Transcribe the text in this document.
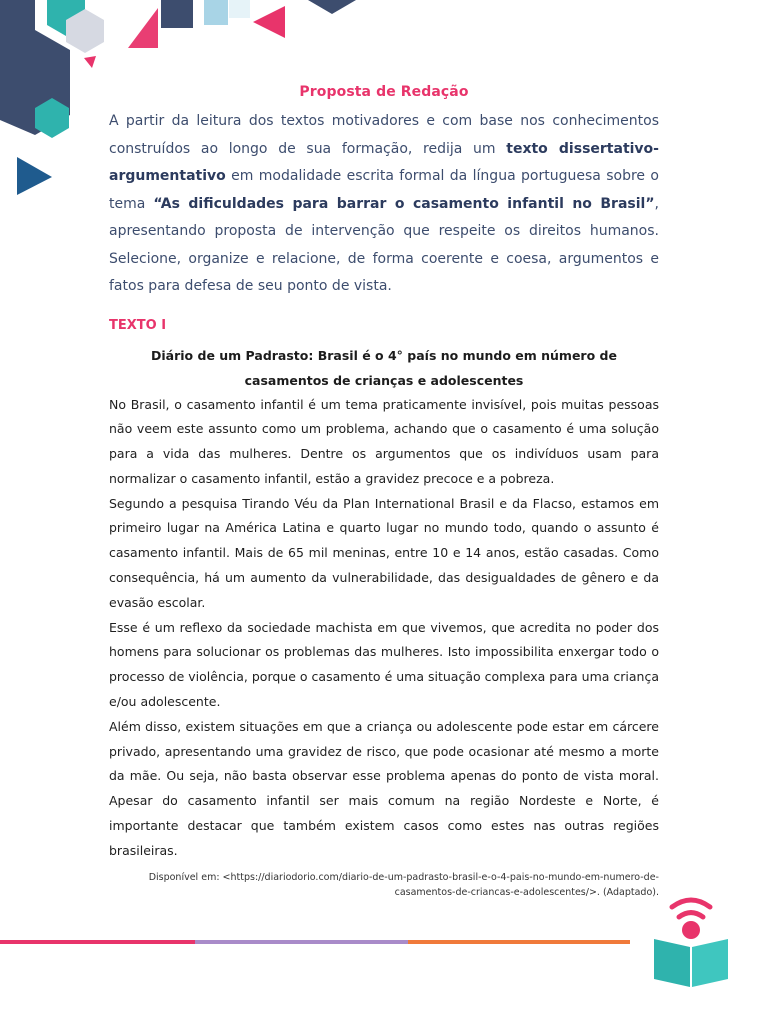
Proposta de Redação

A partir da leitura dos textos motivadores e com base nos conhecimentos construídos ao longo de sua formação, redija um texto dissertativo-argumentativo em modalidade escrita formal da língua portuguesa sobre o tema “As dificuldades para barrar o casamento infantil no Brasil”, apresentando proposta de intervenção que respeite os direitos humanos. Selecione, organize e relacione, de forma coerente e coesa, argumentos e fatos para defesa de seu ponto de vista.

TEXTO I
Diário de um Padrasto: Brasil é o 4° país no mundo em número de casamentos de crianças e adolescentes

No Brasil, o casamento infantil é um tema praticamente invisível, pois muitas pessoas não veem este assunto como um problema, achando que o casamento é uma solução para a vida das mulheres. Dentre os argumentos que os indivíduos usam para normalizar o casamento infantil, estão a gravidez precoce e a pobreza.

Segundo a pesquisa Tirando Véu da Plan International Brasil e da Flacso, estamos em primeiro lugar na América Latina e quarto lugar no mundo todo, quando o assunto é casamento infantil. Mais de 65 mil meninas, entre 10 e 14 anos, estão casadas. Como consequência, há um aumento da vulnerabilidade, das desigualdades de gênero e da evasão escolar.

Esse é um reflexo da sociedade machista em que vivemos, que acredita no poder dos homens para solucionar os problemas das mulheres. Isto impossibilita enxergar todo o processo de violência, porque o casamento é uma situação complexa para uma criança e/ou adolescente.

Além disso, existem situações em que a criança ou adolescente pode estar em cárcere privado, apresentando uma gravidez de risco, que pode ocasionar até mesmo a morte da mãe. Ou seja, não basta observar esse problema apenas do ponto de vista moral. Apesar do casamento infantil ser mais comum na região Nordeste e Norte, é importante destacar que também existem casos como estes nas outras regiões brasileiras.

Disponível em: <https://diariodorio.com/diario-de-um-padrasto-brasil-e-o-4-pais-no-mundo-em-numero-de-
casamentos-de-criancas-e-adolescentes/>. (Adaptado).
